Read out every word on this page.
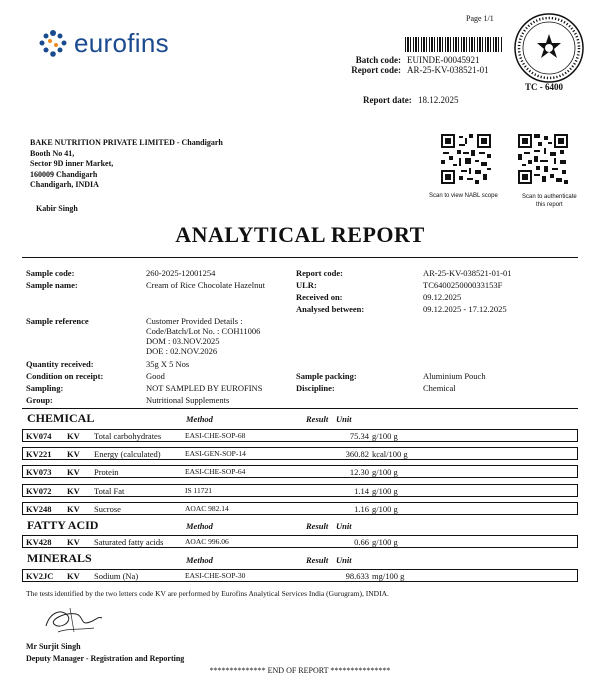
eurofins
Page 1/1
Batch code: EUINDE-00045921
Report code: AR-25-KV-038521-01
Report date: 18.12.2025
TC - 6400
BAKE NUTRITION PRIVATE LIMITED - Chandigarh
Booth No 41,
Sector 9D inner Market,
160009 Chandigarh
Chandigarh, INDIA
Kabir Singh
Scan to view NABL scope	Scan to authenticate
this report
ANALYTICAL REPORT
Sample code:	260-2025-12001254
Sample name:	Cream of Rice Chocolate Hazelnut
Report code:	AR-25-KV-038521-01-01
ULR:	TC640025000033153F
Received on:	09.12.2025
Analysed between:	09.12.2025 - 17.12.2025
Sample reference	Customer Provided Details :
Code/Batch/Lot No. : COH11006
DOM : 03.NOV.2025
DOE : 02.NOV.2026
Quantity received:	35g X 5 Nos
Condition on receipt:	Good	Sample packing:	Aluminium Pouch
Sampling:	NOT SAMPLED BY EUROFINS	Discipline:	Chemical
Group:	Nutritional Supplements
CHEMICAL	Method	Result Unit
KV074 KV Total carbohydrates	EASI-CHE-SOP-68	75.34 g/100 g
KV221 KV Energy (calculated)	EASI-GEN-SOP-14	360.82 kcal/100 g
KV073 KV Protein	EASI-CHE-SOP-64	12.30 g/100 g
KV072 KV Total Fat	IS 11721	1.14 g/100 g
KV248 KV Sucrose	AOAC 982.14	1.16 g/100 g
FATTY ACID	Method	Result Unit
KV428 KV Saturated fatty acids	AOAC 996.06	0.66 g/100 g
MINERALS	Method	Result Unit
KV2JC KV Sodium (Na)	EASI-CHE-SOP-30	98.633 mg/100 g
The tests identified by the two letters code KV are performed by Eurofins Analytical Services India (Gurugram), INDIA.
Mr Surjit Singh
Deputy Manager - Registration and Reporting
************** END OF REPORT ***************
